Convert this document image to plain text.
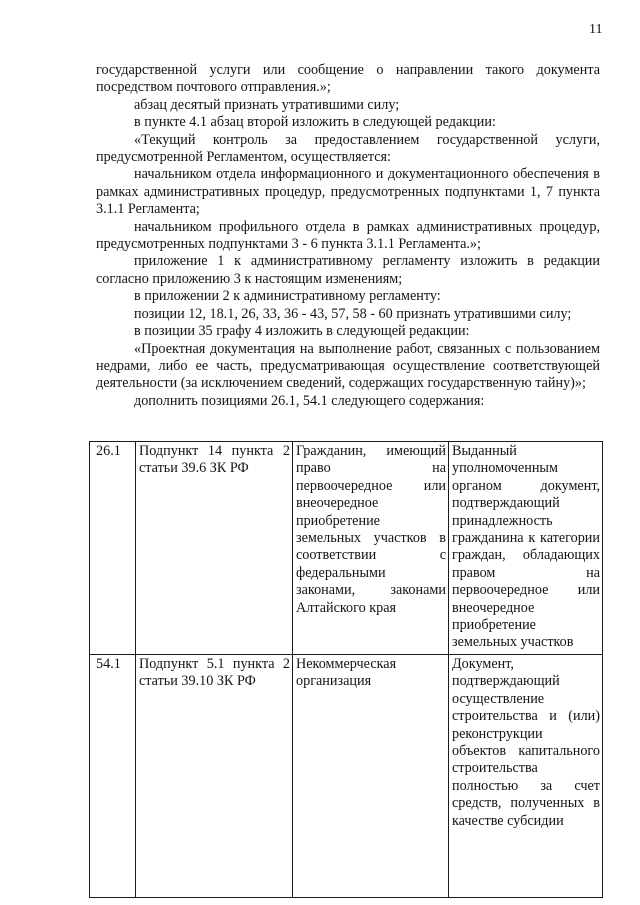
11

государственной услуги или сообщение о направлении такого документа посредством почтового отправления.»;

абзац десятый признать утратившими силу;

в пункте 4.1 абзац второй изложить в следующей редакции:

«Текущий контроль за предоставлением государственной услуги, предусмотренной Регламентом, осуществляется:

начальником отдела информационного и документационного обеспечения в рамках административных процедур, предусмотренных подпунктами 1, 7 пункта 3.1.1 Регламента;

начальником профильного отдела в рамках административных процедур, предусмотренных подпунктами 3 - 6 пункта 3.1.1 Регламента.»;

приложение 1 к административному регламенту изложить в редакции согласно приложению 3 к настоящим изменениям;

в приложении 2 к административному регламенту:

позиции 12, 18.1, 26, 33, 36 - 43, 57, 58 - 60 признать утратившими силу;

в позиции 35 графу 4 изложить в следующей редакции:

«Проектная документация на выполнение работ, связанных с пользованием недрами, либо ее часть, предусматривающая осуществление соответствующей деятельности (за исключением сведений, содержащих государственную тайну)»;

дополнить позициями 26.1, 54.1 следующего содержания:

26.1	Подпункт 14 пункта 2 статьи 39.6 ЗК РФ	Гражданин, имеющий право на первоочередное или внеочередное приобретение земельных участков в соответствии с федеральными законами, законами Алтайского края	Выданный уполномоченным органом документ, подтверждающий принадлежность гражданина к категории граждан, обладающих правом на первоочередное или внеочередное приобретение земельных участков
54.1	Подпункт 5.1 пункта 2 статьи 39.10 ЗК РФ	Некоммерческая организация	Документ, подтверждающий осуществление строительства и (или) реконструкции объектов капитального строительства полностью за счет средств, полученных в качестве субсидии
